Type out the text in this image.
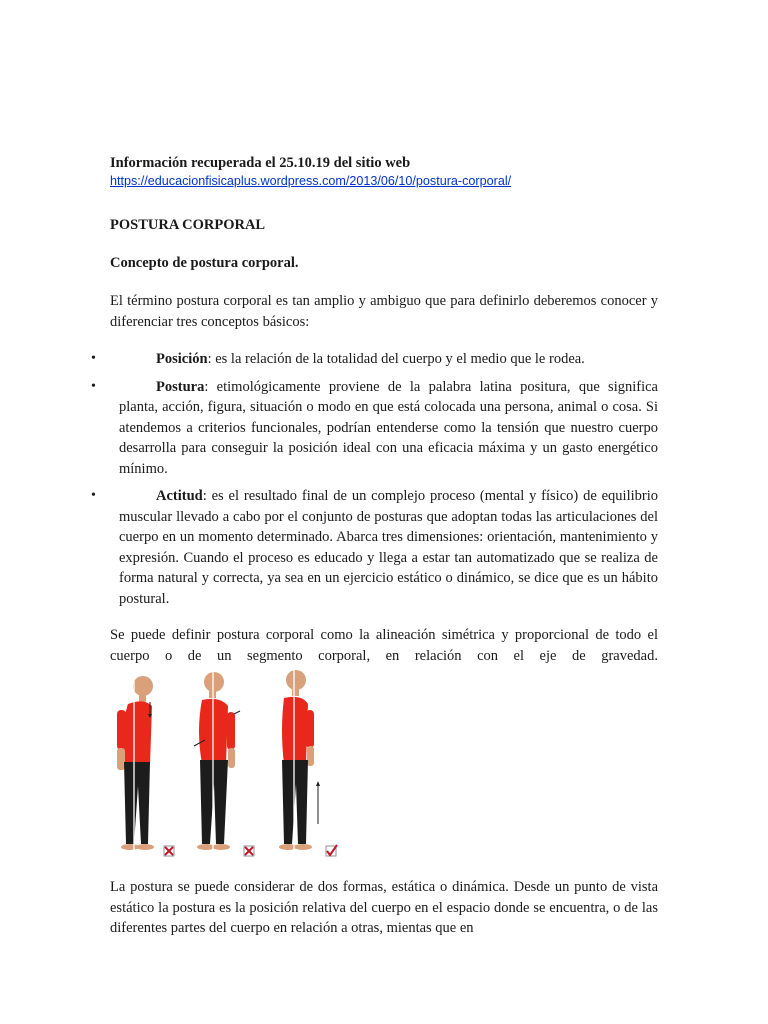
Información recuperada el 25.10.19 del sitio web
https://educacionfisicaplus.wordpress.com/2013/06/10/postura-corporal/
POSTURA CORPORAL
Concepto de postura corporal.
El término postura corporal es tan amplio y ambiguo que para definirlo deberemos conocer y diferenciar tres conceptos básicos:
•	Posición: es la relación de la totalidad del cuerpo y el medio que le rodea.
•	Postura: etimológicamente proviene de la palabra latina positura, que significa planta, acción, figura, situación o modo en que está colocada una persona, animal o cosa. Si atendemos a criterios funcionales, podrían entenderse como la tensión que nuestro cuerpo desarrolla para conseguir la posición ideal con una eficacia máxima y un gasto energético mínimo.
•	Actitud: es el resultado final de un complejo proceso (mental y físico) de equilibrio muscular llevado a cabo por el conjunto de posturas que adoptan todas las articulaciones del cuerpo en un momento determinado. Abarca tres dimensiones: orientación, mantenimiento y expresión. Cuando el proceso es educado y llega a estar tan automatizado que se realiza de forma natural y correcta, ya sea en un ejercicio estático o dinámico, se dice que es un hábito postural.
Se puede definir postura corporal como la alineación simétrica y proporcional de todo el cuerpo o de un segmento corporal, en relación con el eje de gravedad.
La postura se puede considerar de dos formas, estática o dinámica. Desde un punto de vista estático la postura es la posición relativa del cuerpo en el espacio donde se encuentra, o de las diferentes partes del cuerpo en relación a otras, mientas que en
